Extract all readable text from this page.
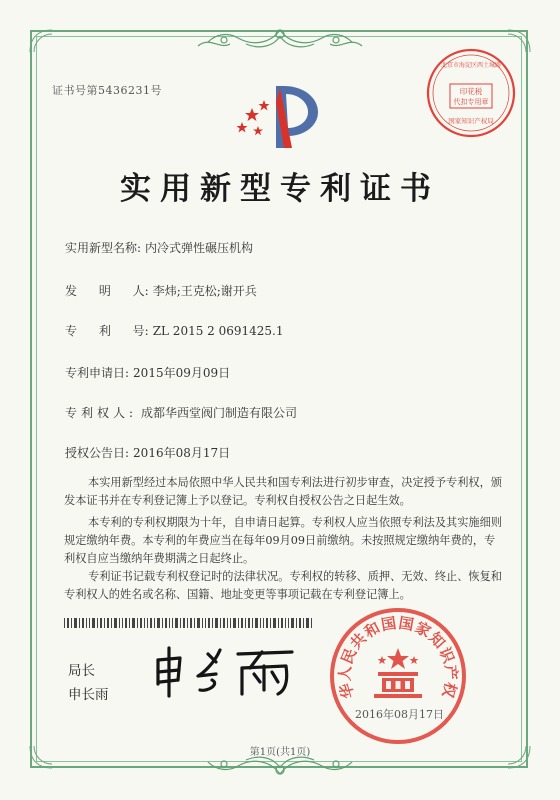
证书号第5436231号
北京市海淀区西土城路
印花税
代扣专用章
国家知识产权局
实用新型专利证书
实用新型名称: 内冷式弹性碾压机构
发 明 人: 李炜;王克松;谢开兵
专 利 号: ZL 2015 2 0691425.1
专利申请日: 2015年09月09日
专利权人: 成都华西堂阀门制造有限公司
授权公告日: 2016年08月17日
本实用新型经过本局依照中华人民共和国专利法进行初步审查，决定授予专利权，颁发本证书并在专利登记簿上予以登记。专利权自授权公告之日起生效。
本专利的专利权期限为十年，自申请日起算。专利权人应当依照专利法及其实施细则规定缴纳年费。本专利的年费应当在每年09月09日前缴纳。未按照规定缴纳年费的，专利权自应当缴纳年费期满之日起终止。
专利证书记载专利权登记时的法律状况。专利权的转移、质押、无效、终止、恢复和专利权人的姓名或名称、国籍、地址变更等事项记载在专利登记簿上。
局长
申长雨	华人民共和国国家知识产权
2016年08月17日
第1页(共1页)
